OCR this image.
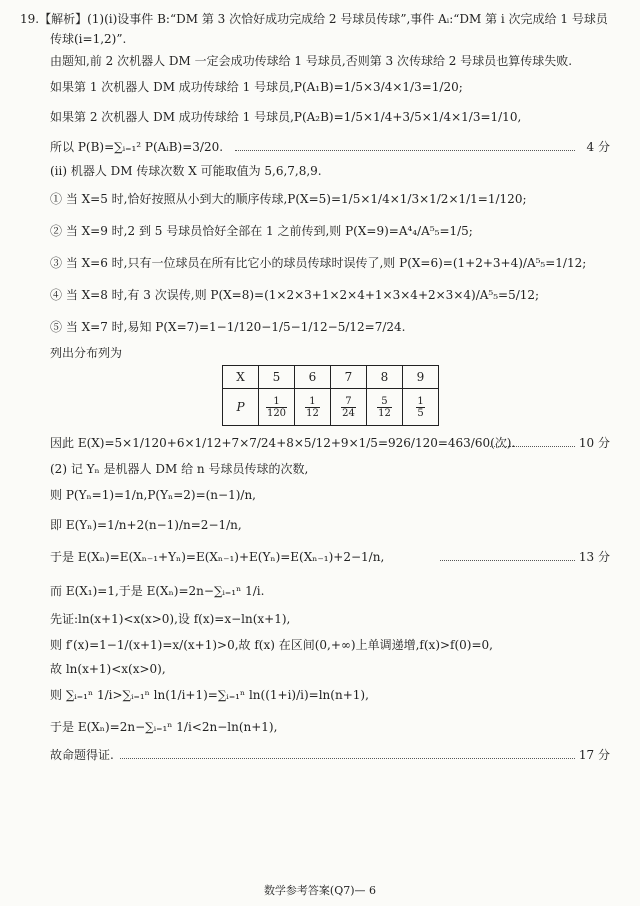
19.【解析】(1)(ⅰ)设事件 B:“DM 第 3 次恰好成功完成给 2 号球员传球”,事件 Aᵢ:“DM 第 i 次完成给 1 号球员
传球(i=1,2)”.
由题知,前 2 次机器人 DM 一定会成功传球给 1 号球员,否则第 3 次传球给 2 号球员也算传球失败.
如果第 1 次机器人 DM 成功传球给 1 号球员,P(A₁B)=1/5×3/4×1/3=1/20;
如果第 2 次机器人 DM 成功传球给 1 号球员,P(A₂B)=1/5×1/4+3/5×1/4×1/3=1/10,
所以 P(B)=∑ᵢ₌₁² P(AᵢB)=3/20.	4 分
(ⅱ) 机器人 DM 传球次数 X 可能取值为 5,6,7,8,9.
① 当 X=5 时,恰好按照从小到大的顺序传球,P(X=5)=1/5×1/4×1/3×1/2×1/1=1/120;
② 当 X=9 时,2 到 5 号球员恰好全部在 1 之前传到,则 P(X=9)=A⁴₄/A⁵₅=1/5;
③ 当 X=6 时,只有一位球员在所有比它小的球员传球时误传了,则 P(X=6)=(1+2+3+4)/A⁵₅=1/12;
④ 当 X=8 时,有 3 次误传,则 P(X=8)=(1×2×3+1×2×4+1×3×4+2×3×4)/A⁵₅=5/12;
⑤ 当 X=7 时,易知 P(X=7)=1−1/120−1/5−1/12−5/12=7/24.
列出分布列为
X	5	6	7	8	9
P	$\frac{1}{120}$	$\frac{1}{12}$	$\frac{7}{24}$	$\frac{5}{12}$	$\frac{1}{5}$
因此 E(X)=5×1/120+6×1/12+7×7/24+8×5/12+9×1/5=926/120=463/60(次).	10 分
(2) 记 Yₙ 是机器人 DM 给 n 号球员传球的次数,
则 P(Yₙ=1)=1/n,P(Yₙ=2)=(n−1)/n,
即 E(Yₙ)=1/n+2(n−1)/n=2−1/n,
于是 E(Xₙ)=E(Xₙ₋₁+Yₙ)=E(Xₙ₋₁)+E(Yₙ)=E(Xₙ₋₁)+2−1/n,	13 分
而 E(X₁)=1,于是 E(Xₙ)=2n−∑ᵢ₌₁ⁿ 1/i.
先证:ln(x+1)<x(x>0),设 f(x)=x−ln(x+1),
则 f′(x)=1−1/(x+1)=x/(x+1)>0,故 f(x) 在区间(0,+∞)上单调递增,f(x)>f(0)=0,
故 ln(x+1)<x(x>0),
则 ∑ᵢ₌₁ⁿ 1/i>∑ᵢ₌₁ⁿ ln(1/i+1)=∑ᵢ₌₁ⁿ ln((1+i)/i)=ln(n+1),
于是 E(Xₙ)=2n−∑ᵢ₌₁ⁿ 1/i<2n−ln(n+1),
故命题得证.	17 分
数学参考答案(Q7)— 6
